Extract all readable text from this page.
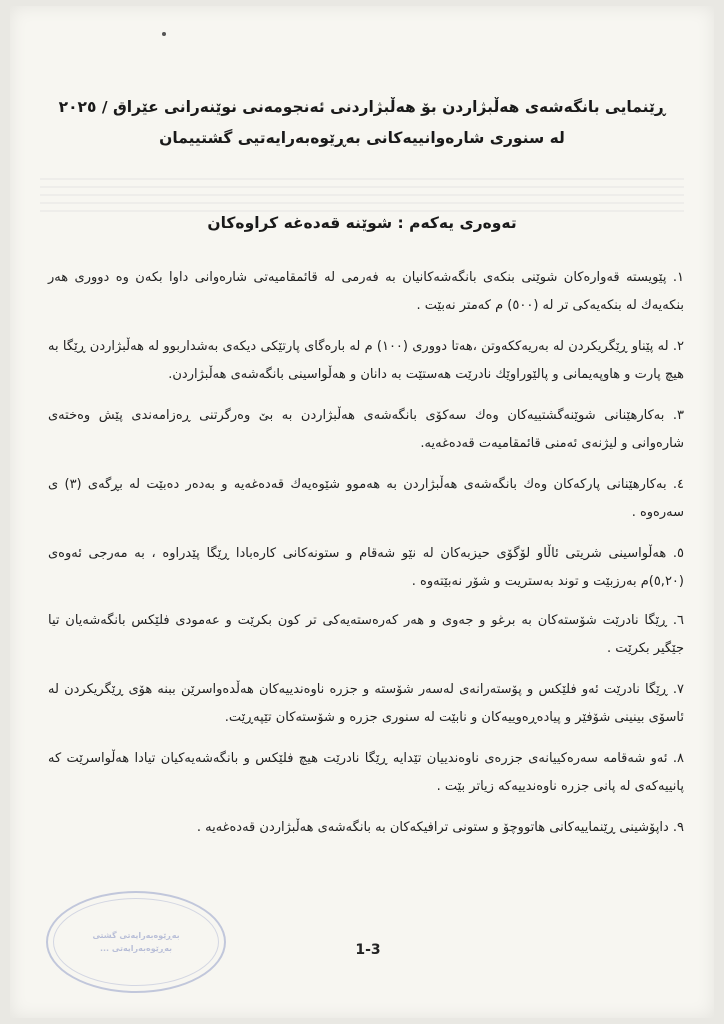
ڕێنمایی بانگەشەی هەڵبژاردن بۆ هەڵبژاردنی ئەنجومەنی نوێنەرانی عێراق / ٢٠٢٥
لە سنوری شارەوانییەکانی بەڕێوەبەرایەتیی گشتییمان
تەوەری یەکەم : شوێنە قەدەغە کراوەکان

١. پێویستە قەوارەکان شوێنی بنکەی بانگەشەکانیان بە فەرمی لە قائمقامیەتی شارەوانی داوا بکەن وە دووری هەر بنکەیەك لە بنکەیەکی تر لە (٥٠٠) م کەمتر نەبێت .

٢. لە پێناو ڕێگریکردن لە بەریەککەوتن ،هەتا دووری (١٠٠) م لە بارەگای پارتێکی دیکەی بەشداربوو لە هەڵبژاردن ڕێگا بە هیچ پارت و هاوپەیمانی و پالێوراوێك نادرێت هەستێت بە دانان و هەڵواسینی بانگەشەی هەڵبژاردن.

٣. بەکارهێنانی شوێنەگشتییەکان وەك سەکۆی بانگەشەی هەڵبژاردن بە بێ وەرگرتنی ڕەزامەندی پێش وەختەی شارەوانی و لیژنەی ئەمنی قائمقامیەت قەدەغەیە.

٤. بەکارهێنانی پارکەکان وەك بانگەشەی هەڵبژاردن بە هەموو شێوەیەك قەدەغەیە و بەدەر دەبێت لە بڕگەی (٣) ی سەرەوە .

٥. هەڵواسینی شریتی ئاڵاو لۆگۆی حیزبەکان لە نێو شەقام و ستونەکانی کارەبادا ڕێگا پێدراوە ، بە مەرجی ئەوەی (٥,٢٠)م بەرزبێت و توند بەستریت و شۆر نەبێتەوە .

٦. ڕێگا نادرێت شۆستەکان بە برغو و جەوی و هەر کەرەستەیەکی تر کون بکرێت و عەمودی فلێکس بانگەشەیان تیا جێگیر بکرێت .

٧. ڕێگا نادرێت ئەو فلێکس و پۆستەرانەی لەسەر شۆستە و جزرە ناوەندییەکان هەڵدەواسرێن ببنە هۆی ڕێگریکردن لە ئاسۆی بینینی شۆفێر و پیادەڕەوییەکان و نابێت لە سنوری جزرە و شۆستەکان تێپەڕێت.

٨. ئەو شەقامە سەرەکییانەی جزرەی ناوەندییان تێدایە ڕێگا نادرێت هیچ فلێکس و بانگەشەیەکیان تیادا هەڵواسرێت کە پانییەکەی لە پانی جزرە ناوەندییەکە زیاتر بێت .

٩. داپۆشینی ڕێنماییەکانی هاتووچۆ و ستونی ترافیکەکان بە بانگەشەی هەڵبژاردن قەدەغەیە .

بەڕێوەبەرایەتی گشتی
بەڕێوەبەرایەتی ...	1-3
